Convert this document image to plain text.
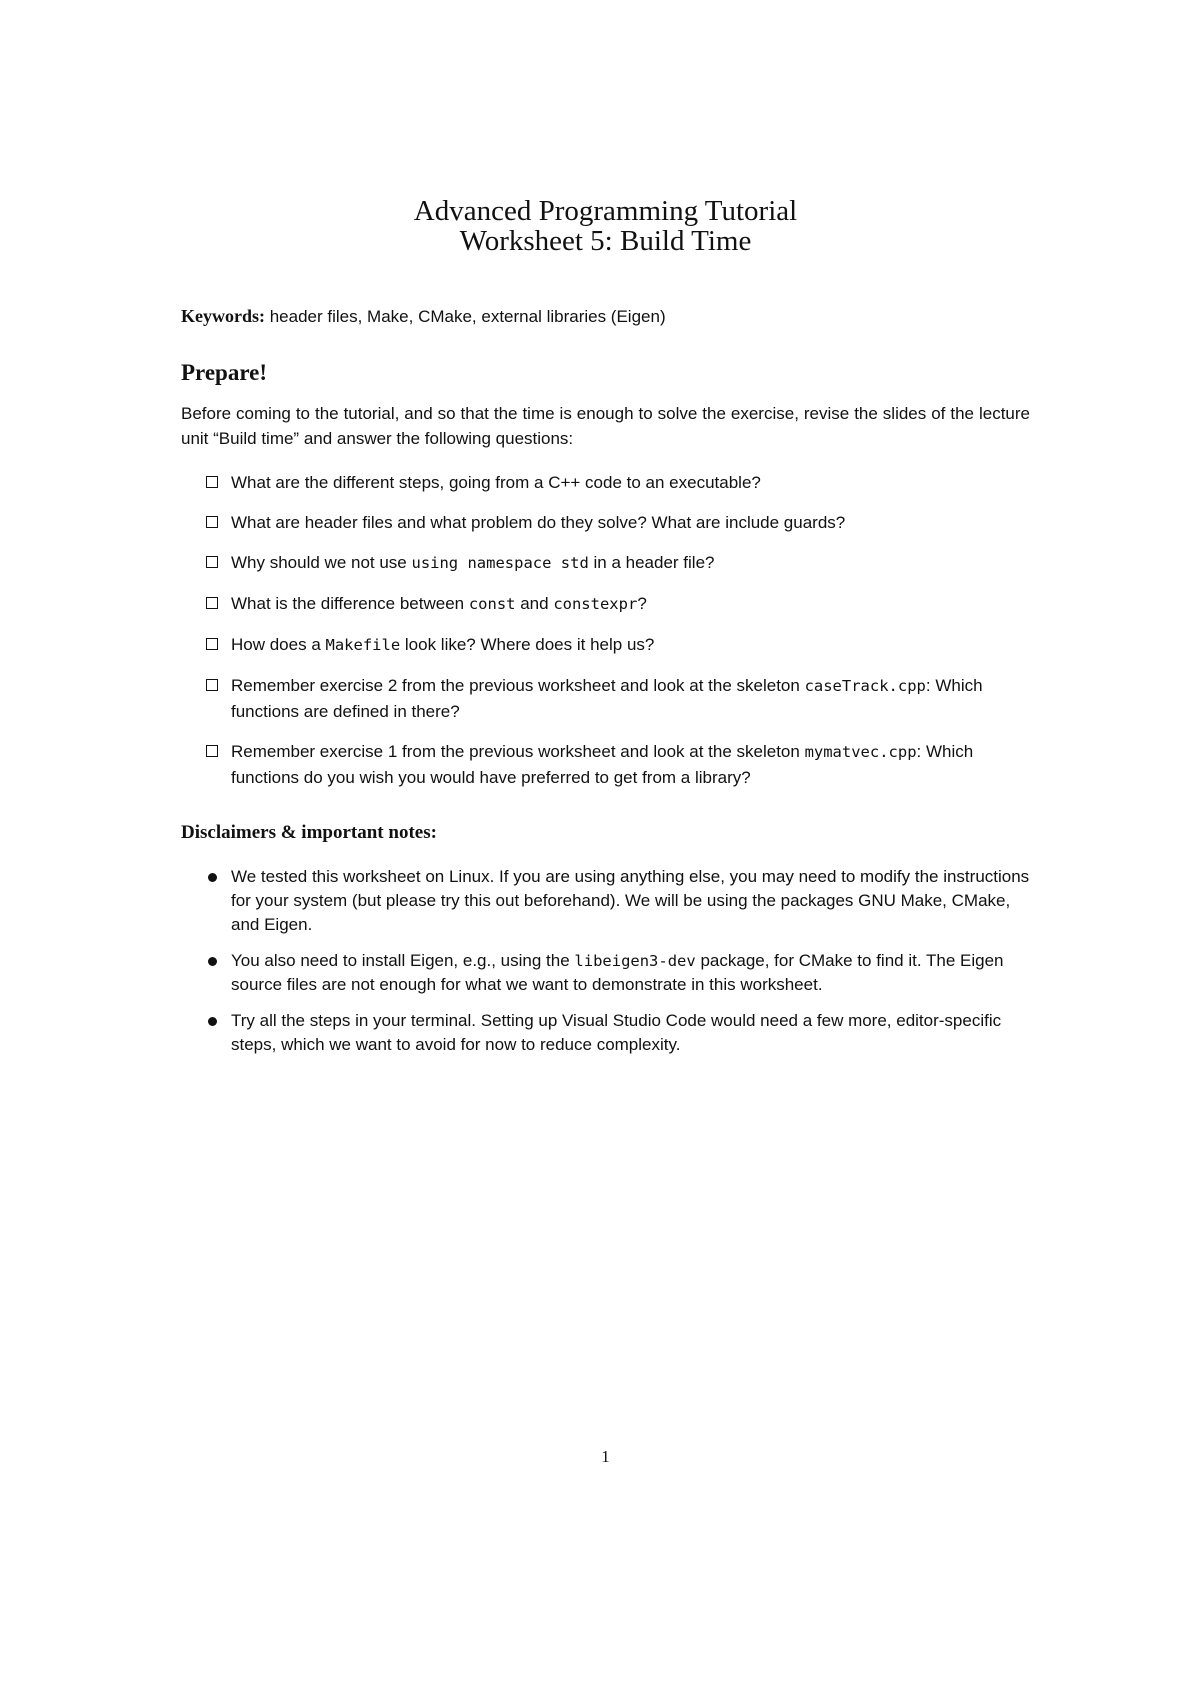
Advanced Programming Tutorial
Worksheet 5: Build Time
Keywords: header files, Make, CMake, external libraries (Eigen)
Prepare!
Before coming to the tutorial, and so that the time is enough to solve the exercise, revise the slides of the lecture unit “Build time” and answer the following questions:
What are the different steps, going from a C++ code to an executable?
What are header files and what problem do they solve? What are include guards?
Why should we not use using namespace std in a header file?
What is the difference between const and constexpr?
How does a Makefile look like? Where does it help us?
Remember exercise 2 from the previous worksheet and look at the skeleton caseTrack.cpp: Which functions are defined in there?
Remember exercise 1 from the previous worksheet and look at the skeleton mymatvec.cpp: Which functions do you wish you would have preferred to get from a library?
Disclaimers & important notes:
We tested this worksheet on Linux. If you are using anything else, you may need to modify the instructions for your system (but please try this out beforehand). We will be using the packages GNU Make, CMake, and Eigen.
You also need to install Eigen, e.g., using the libeigen3-dev package, for CMake to find it. The Eigen source files are not enough for what we want to demonstrate in this worksheet.
Try all the steps in your terminal. Setting up Visual Studio Code would need a few more, editor-specific steps, which we want to avoid for now to reduce complexity.
1
